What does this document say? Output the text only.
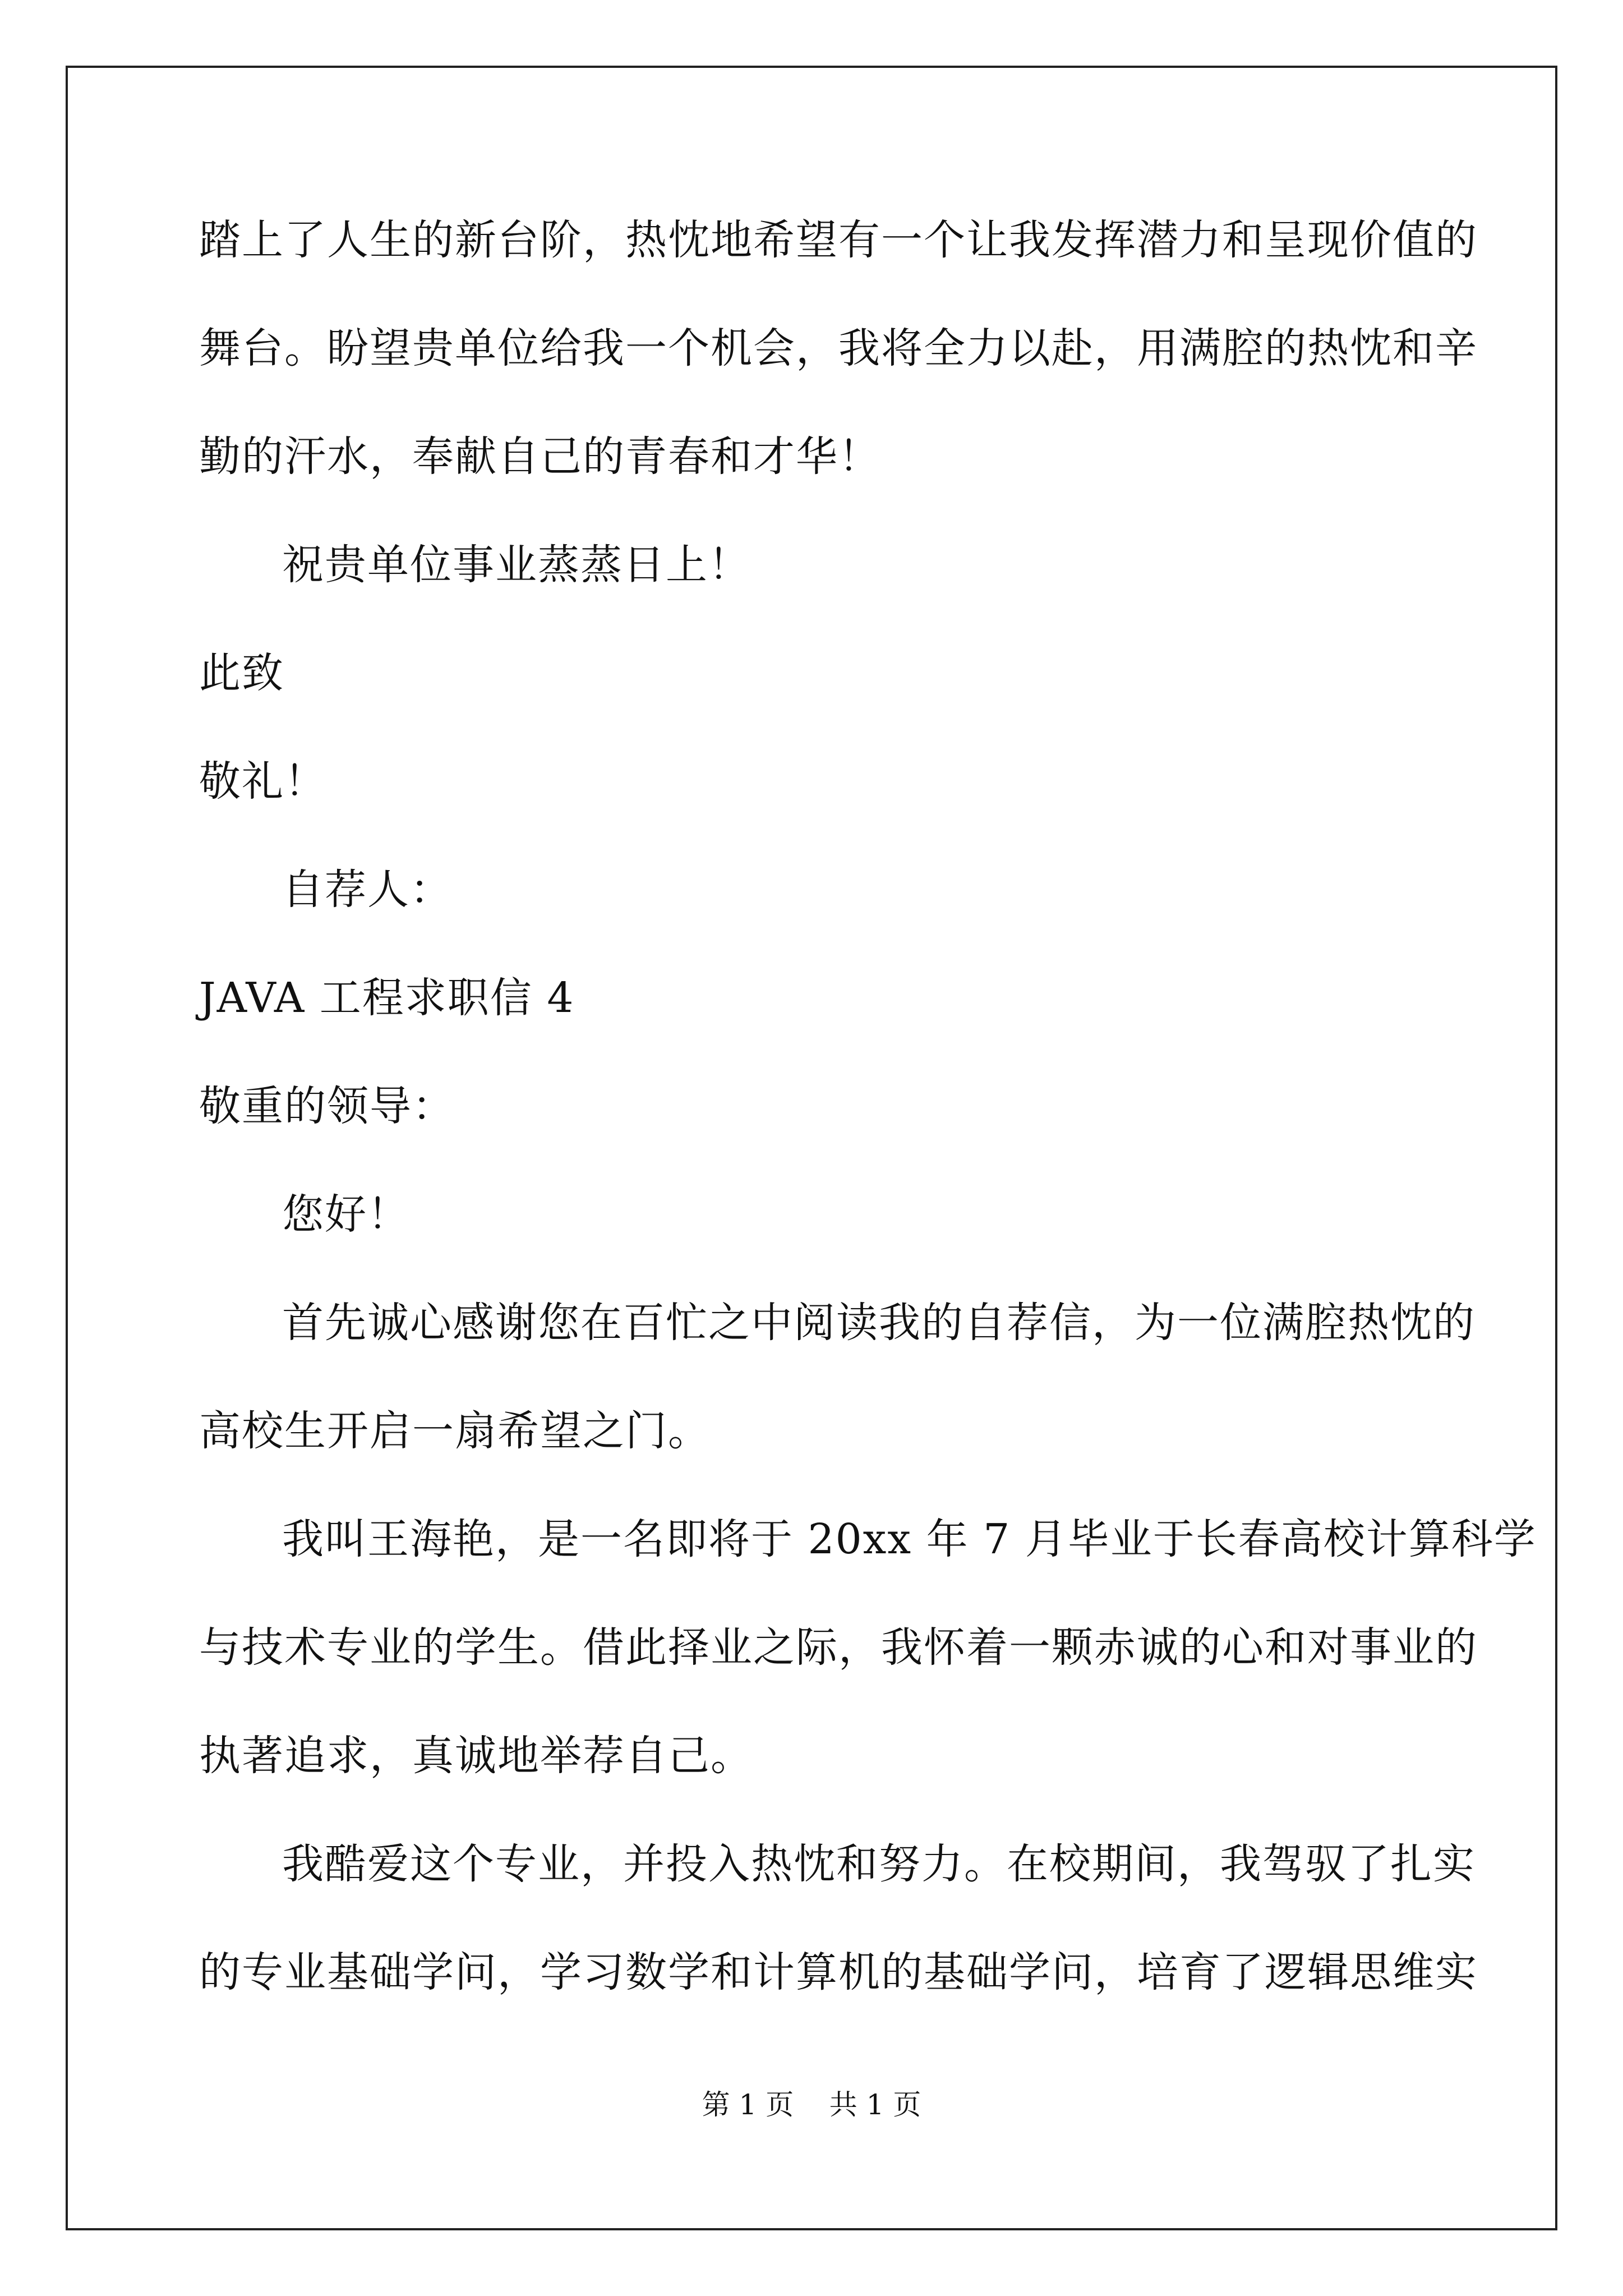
踏上了人生的新台阶，热忱地希望有一个让我发挥潜力和呈现价值的
舞台。盼望贵单位给我一个机会，我将全力以赴，用满腔的热忱和辛
勤的汗水，奉献自己的青春和才华！
祝贵单位事业蒸蒸日上！
此致
敬礼！
自荐人：
JAVA 工程求职信 4
敬重的领导：
您好！
首先诚心感谢您在百忙之中阅读我的自荐信，为一位满腔热忱的
高校生开启一扇希望之门。
我叫王海艳，是一名即将于 20xx 年 7 月毕业于长春高校计算科学
与技术专业的学生。借此择业之际，我怀着一颗赤诚的心和对事业的
执著追求，真诚地举荐自己。
我酷爱这个专业，并投入热忱和努力。在校期间，我驾驭了扎实
的专业基础学问，学习数学和计算机的基础学问，培育了逻辑思维实
第 1 页    共 1 页
